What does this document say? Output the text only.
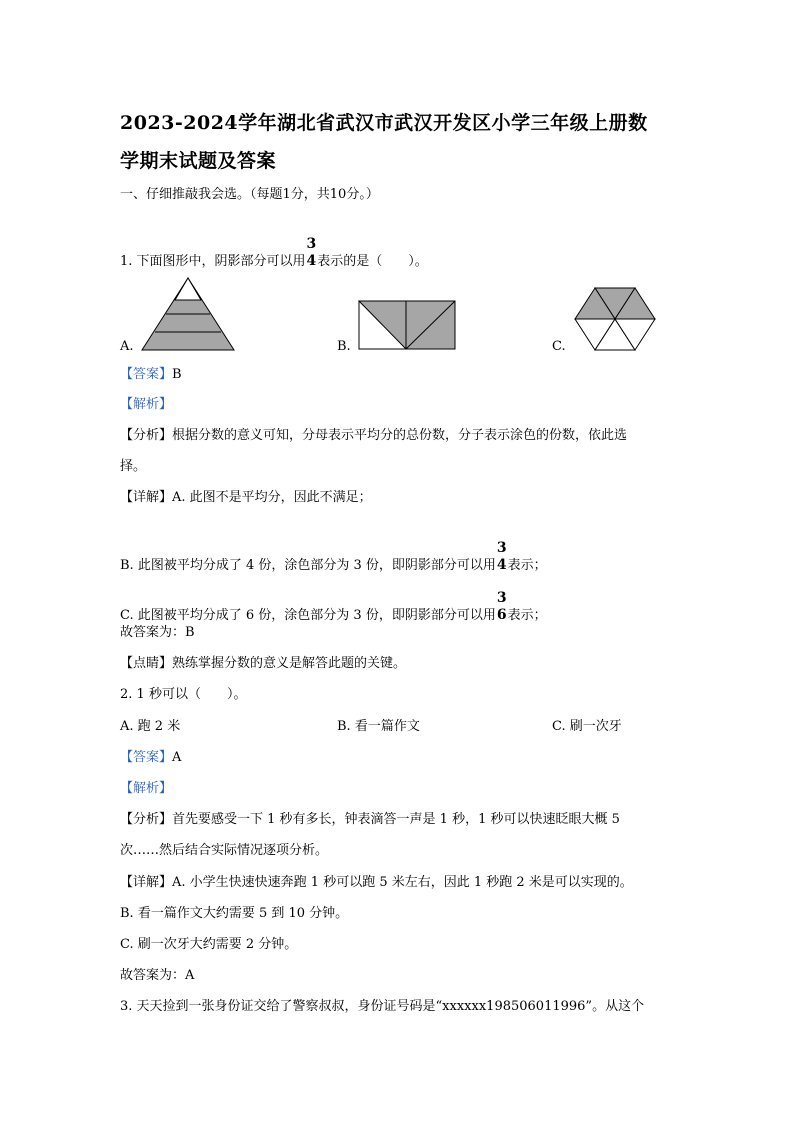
2023-2024学年湖北省武汉市武汉开发区小学三年级上册数
学期末试题及答案
一、仔细推敲我会选。（每题1分，共10分。）
1. 下面图形中，阴影部分可以用
3
4 表示的是（　　）。
A.	B.	C.
【答案】B
【解析】
【分析】根据分数的意义可知，分母表示平均分的总份数，分子表示涂色的份数，依此选
择。
【详解】A. 此图不是平均分，因此不满足；
B. 此图被平均分成了 4 份，涂色部分为 3 份，即阴影部分可以用
3
4 表示；
C. 此图被平均分成了 6 份，涂色部分为 3 份，即阴影部分可以用
3
6 表示；
故答案为：B
【点睛】熟练掌握分数的意义是解答此题的关键。
2. 1 秒可以（　　）。
A. 跑 2 米	B. 看一篇作文	C. 刷一次牙
【答案】A
【解析】
【分析】首先要感受一下 1 秒有多长，钟表滴答一声是 1 秒，1 秒可以快速眨眼大概 5
次……然后结合实际情况逐项分析。
【详解】A. 小学生快速快速奔跑 1 秒可以跑 5 米左右，因此 1 秒跑 2 米是可以实现的。
B. 看一篇作文大约需要 5 到 10 分钟。
C. 刷一次牙大约需要 2 分钟。
故答案为：A
3. 天天捡到一张身份证交给了警察叔叔，身份证号码是“xxxxxx198506011996”。从这个
